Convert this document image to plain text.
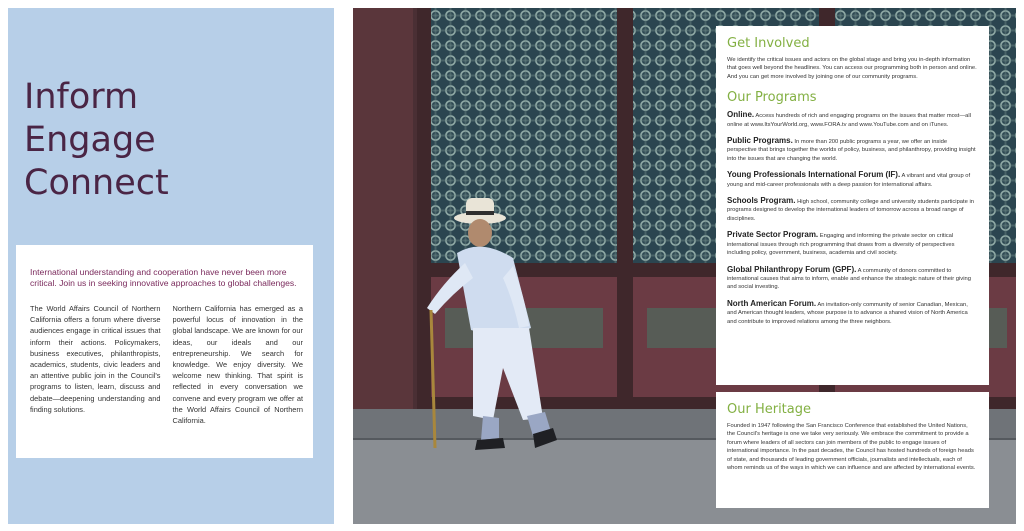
Inform
Engage
Connect

International understanding and cooperation have never been more critical. Join us in seeking innovative approaches to global challenges.

The World Affairs Council of Northern California offers a forum where diverse audiences engage in critical issues that inform their actions. Policymakers, business executives, philanthropists, academics, students, civic leaders and an attentive public join in the Council's programs to listen, learn, discuss and debate—deepening understanding and finding solutions.

Northern California has emerged as a powerful locus of innovation in the global landscape. We are known for our ideas, our ideals and our entrepreneurship. We search for knowledge. We enjoy diversity. We welcome new thinking. That spirit is reflected in every conversation we convene and every program we offer at the World Affairs Council of Northern California.

Get Involved

We identify the critical issues and actors on the global stage and bring you in-depth information that goes well beyond the headlines. You can access our programming both in person and online. And you can get more involved by joining one of our community programs.

Our Programs

Online. Access hundreds of rich and engaging programs on the issues that matter most—all online at www.ItsYourWorld.org, www.FORA.tv and www.YouTube.com and on iTunes.

Public Programs. In more than 200 public programs a year, we offer an inside perspective that brings together the worlds of policy, business, and philanthropy, providing insight into the issues that are changing the world.

Young Professionals International Forum (IF). A vibrant and vital group of young and mid-career professionals with a deep passion for international affairs.

Schools Program. High school, community college and university students participate in programs designed to develop the international leaders of tomorrow across a broad range of disciplines.

Private Sector Program. Engaging and informing the private sector on critical international issues through rich programming that draws from a diversity of perspectives including policy, government, business, academia and civil society.

Global Philanthropy Forum (GPF). A community of donors committed to international causes that aims to inform, enable and enhance the strategic nature of their giving and social investing.

North American Forum. An invitation-only community of senior Canadian, Mexican, and American thought leaders, whose purpose is to advance a shared vision of North America and contribute to improved relations among the three neighbors.

Our Heritage

Founded in 1947 following the San Francisco Conference that established the United Nations, the Council's heritage is one we take very seriously. We embrace the commitment to provide a forum where leaders of all sectors can join members of the public to engage issues of international importance. In the past decades, the Council has hosted hundreds of foreign heads of state, and thousands of leading government officials, journalists and intellectuals, each of whom reminds us of the ways in which we can influence and are affected by international events.
